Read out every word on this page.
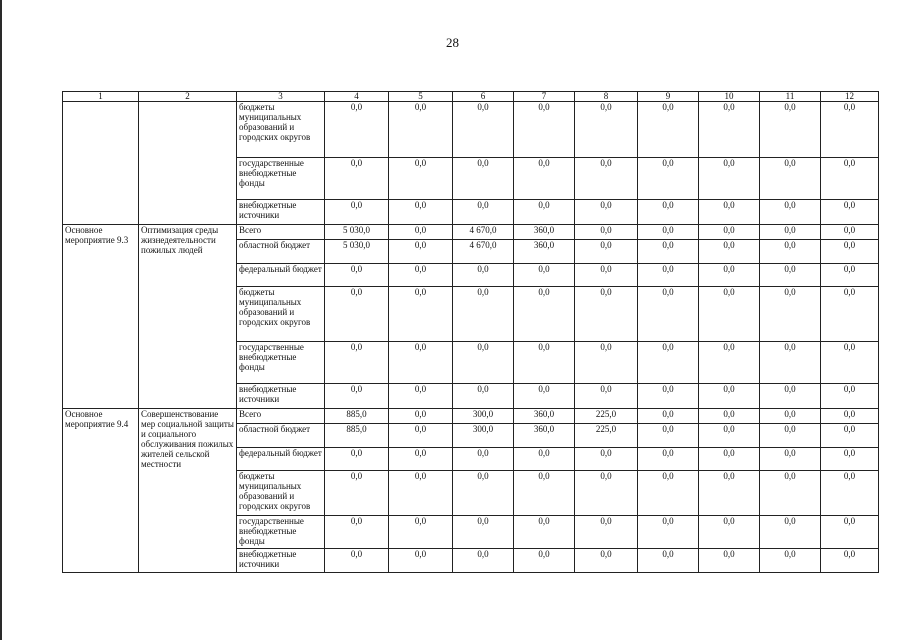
28
1	2	3	4	5	6	7	8	9	10	11	12
		бюджеты муниципальных образований и городских округов	0,0	0,0	0,0	0,0	0,0	0,0	0,0	0,0	0,0
		государственные внебюджетные фонды	0,0	0,0	0,0	0,0	0,0	0,0	0,0	0,0	0,0
		внебюджетные источники	0,0	0,0	0,0	0,0	0,0	0,0	0,0	0,0	0,0
Основное мероприятие 9.3	Оптимизация среды жизнедеятельности пожилых людей	Всего	5 030,0	0,0	4 670,0	360,0	0,0	0,0	0,0	0,0	0,0
		областной бюджет	5 030,0	0,0	4 670,0	360,0	0,0	0,0	0,0	0,0	0,0
		федеральный бюджет	0,0	0,0	0,0	0,0	0,0	0,0	0,0	0,0	0,0
		бюджеты муниципальных образований и городских округов	0,0	0,0	0,0	0,0	0,0	0,0	0,0	0,0	0,0
		государственные внебюджетные фонды	0,0	0,0	0,0	0,0	0,0	0,0	0,0	0,0	0,0
		внебюджетные источники	0,0	0,0	0,0	0,0	0,0	0,0	0,0	0,0	0,0
Основное мероприятие 9.4	Совершенствование мер социальной защиты и социального обслуживания пожилых жителей сельской местности	Всего	885,0	0,0	300,0	360,0	225,0	0,0	0,0	0,0	0,0
		областной бюджет	885,0	0,0	300,0	360,0	225,0	0,0	0,0	0,0	0,0
		федеральный бюджет	0,0	0,0	0,0	0,0	0,0	0,0	0,0	0,0	0,0
		бюджеты муниципальных образований и городских округов	0,0	0,0	0,0	0,0	0,0	0,0	0,0	0,0	0,0
		государственные внебюджетные фонды	0,0	0,0	0,0	0,0	0,0	0,0	0,0	0,0	0,0
		внебюджетные источники	0,0	0,0	0,0	0,0	0,0	0,0	0,0	0,0	0,0
